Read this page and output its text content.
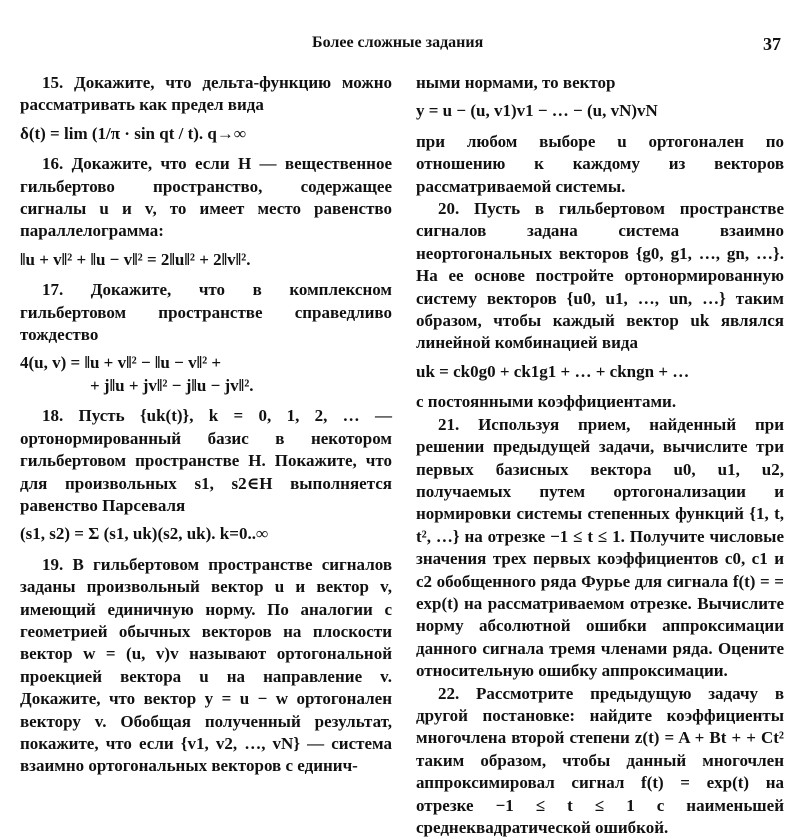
Более сложные задания	37

15. Докажите, что дельта-функцию можно рассматривать как предел вида

δ(t) = lim (1/π · sin qt / t). q→∞

16. Докажите, что если H — вещественное гильбертово пространство, содержащее сигналы u и v, то имеет место равенство параллелограмма:

‖u + v‖² + ‖u − v‖² = 2‖u‖² + 2‖v‖².

17. Докажите, что в комплексном гильбертовом пространстве справедливо тождество

4(u, v) = ‖u + v‖² − ‖u − v‖² +

+ j‖u + jv‖² − j‖u − jv‖².

18. Пусть {uk(t)}, k = 0, 1, 2, … — ортонормированный базис в некотором гильбертовом пространстве H. Покажите, что для произвольных s1, s2∈H выполняется равенство Парсеваля

(s1, s2) = Σ (s1, uk)(s2, uk). k=0..∞

19. В гильбертовом пространстве сигналов заданы произвольный вектор u и вектор v, имеющий единичную норму. По аналогии с геометрией обычных векторов на плоскости вектор w = (u, v)v называют ортогональной проекцией вектора u на направление v. Докажите, что вектор y = u − w ортогонален вектору v. Обобщая полученный результат, покажите, что если {v1, v2, …, vN} — система взаимно ортогональных векторов с единич-

ными нормами, то вектор

y = u − (u, v1)v1 − … − (u, vN)vN

при любом выборе u ортогонален по отношению к каждому из векторов рассматриваемой системы.

20. Пусть в гильбертовом пространстве сигналов задана система взаимно неортогональных векторов {g0, g1, …, gn, …}. На ее основе постройте ортонормированную систему векторов {u0, u1, …, un, …} таким образом, чтобы каждый вектор uk являлся линейной комбинацией вида

uk = ck0g0 + ck1g1 + … + ckngn + …

с постоянными коэффициентами.

21. Используя прием, найденный при решении предыдущей задачи, вычислите три первых базисных вектора u0, u1, u2, получаемых путем ортогонализации и нормировки системы степенных функций {1, t, t², …} на отрезке −1 ≤ t ≤ 1. Получите числовые значения трех первых коэффициентов c0, c1 и c2 обобщенного ряда Фурье для сигнала f(t) = = exp(t) на рассматриваемом отрезке. Вычислите норму абсолютной ошибки аппроксимации данного сигнала тремя членами ряда. Оцените относительную ошибку аппроксимации.

22. Рассмотрите предыдущую задачу в другой постановке: найдите коэффициенты многочлена второй степени z(t) = A + Bt + + Ct² таким образом, чтобы данный многочлен аппроксимировал сигнал f(t) = exp(t) на отрезке −1 ≤ t ≤ 1 с наименьшей среднеквадратической ошибкой.
